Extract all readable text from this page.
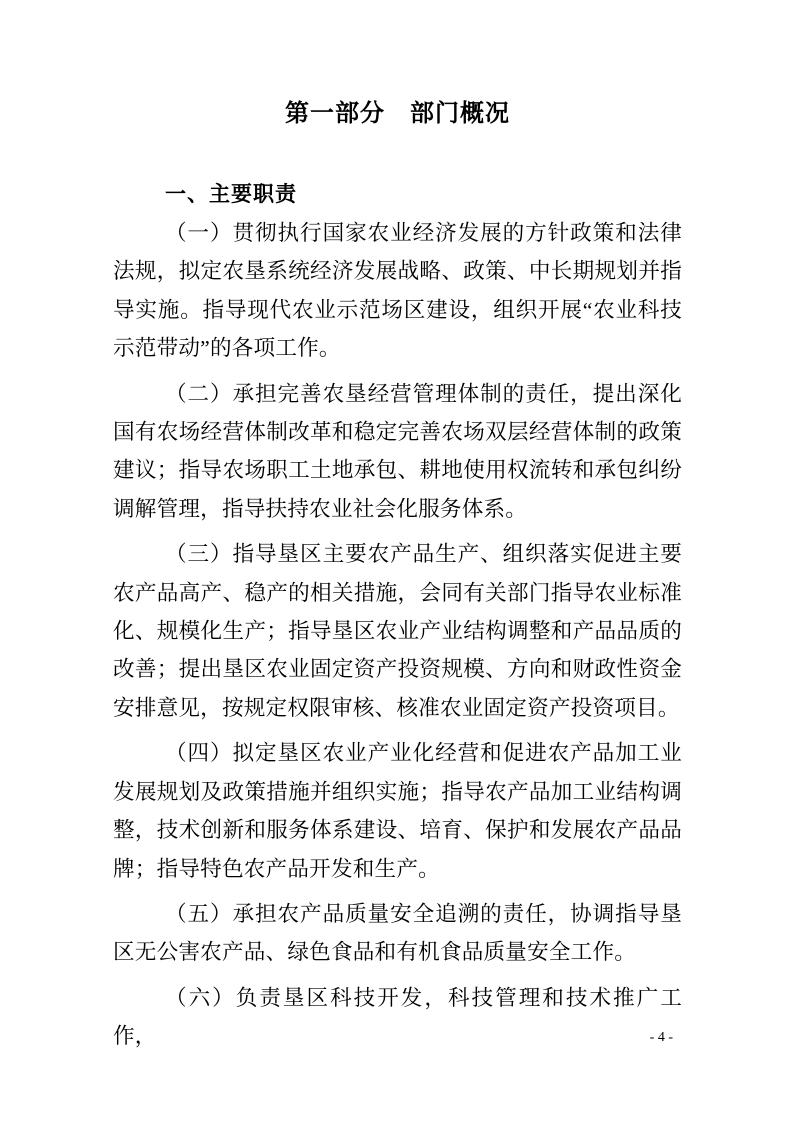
第一部分　部门概况
一、主要职责

（一）贯彻执行国家农业经济发展的方针政策和法律法规，拟定农垦系统经济发展战略、政策、中长期规划并指导实施。指导现代农业示范场区建设，组织开展“农业科技示范带动”的各项工作。

（二）承担完善农垦经营管理体制的责任，提出深化国有农场经营体制改革和稳定完善农场双层经营体制的政策建议；指导农场职工土地承包、耕地使用权流转和承包纠纷调解管理，指导扶持农业社会化服务体系。

（三）指导垦区主要农产品生产、组织落实促进主要农产品高产、稳产的相关措施，会同有关部门指导农业标准化、规模化生产；指导垦区农业产业结构调整和产品品质的改善；提出垦区农业固定资产投资规模、方向和财政性资金安排意见，按规定权限审核、核准农业固定资产投资项目。

（四）拟定垦区农业产业化经营和促进农产品加工业发展规划及政策措施并组织实施；指导农产品加工业结构调整，技术创新和服务体系建设、培育、保护和发展农产品品牌；指导特色农产品开发和生产。

（五）承担农产品质量安全追溯的责任，协调指导垦区无公害农产品、绿色食品和有机食品质量安全工作。

（六）负责垦区科技开发，科技管理和技术推广工作，	- 4 -
